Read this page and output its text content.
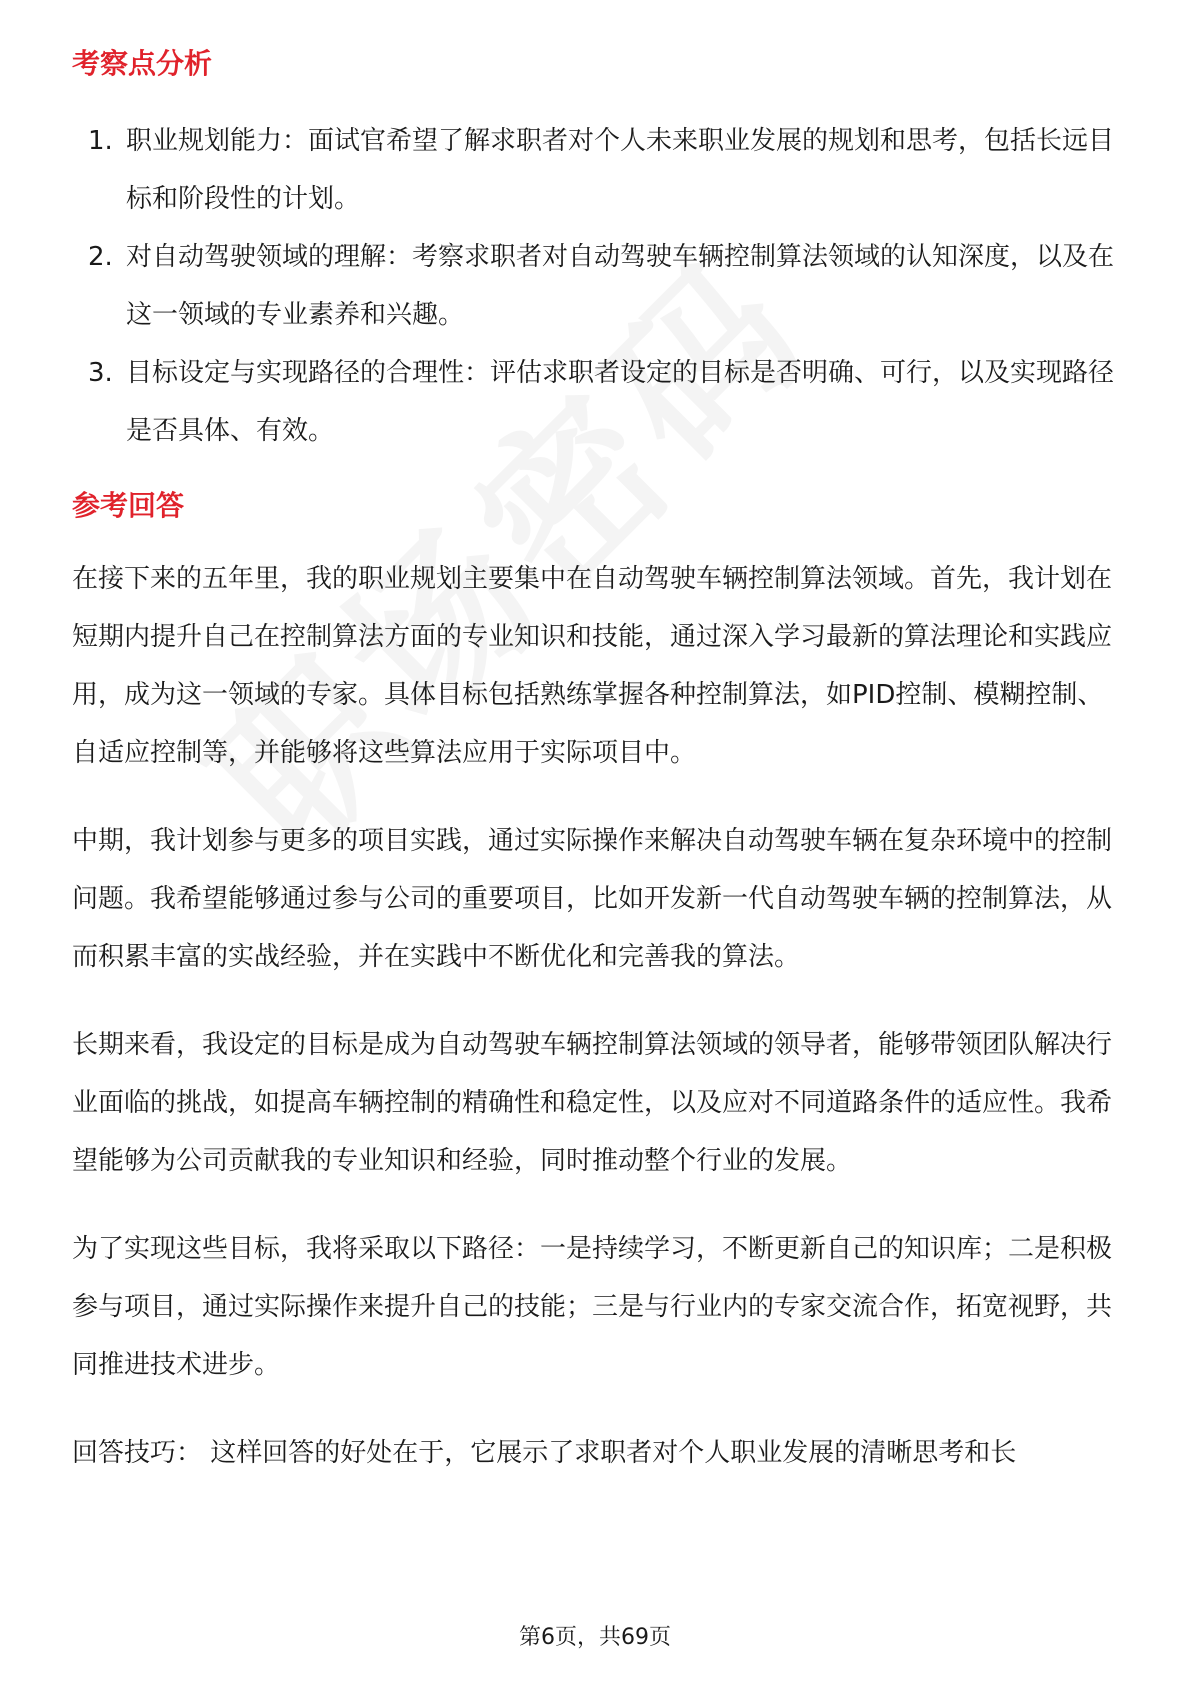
考察点分析
1. 职业规划能力：面试官希望了解求职者对个人未来职业发展的规划和思考，包括长远目标和阶段性的计划。
2. 对自动驾驶领域的理解：考察求职者对自动驾驶车辆控制算法领域的认知深度，以及在这一领域的专业素养和兴趣。
3. 目标设定与实现路径的合理性：评估求职者设定的目标是否明确、可行，以及实现路径是否具体、有效。
参考回答

在接下来的五年里，我的职业规划主要集中在自动驾驶车辆控制算法领域。首先，我计划在短期内提升自己在控制算法方面的专业知识和技能，通过深入学习最新的算法理论和实践应用，成为这一领域的专家。具体目标包括熟练掌握各种控制算法，如PID控制、模糊控制、自适应控制等，并能够将这些算法应用于实际项目中。

中期，我计划参与更多的项目实践，通过实际操作来解决自动驾驶车辆在复杂环境中的控制问题。我希望能够通过参与公司的重要项目，比如开发新一代自动驾驶车辆的控制算法，从而积累丰富的实战经验，并在实践中不断优化和完善我的算法。

长期来看，我设定的目标是成为自动驾驶车辆控制算法领域的领导者，能够带领团队解决行业面临的挑战，如提高车辆控制的精确性和稳定性，以及应对不同道路条件的适应性。我希望能够为公司贡献我的专业知识和经验，同时推动整个行业的发展。

为了实现这些目标，我将采取以下路径：一是持续学习，不断更新自己的知识库；二是积极参与项目，通过实际操作来提升自己的技能；三是与行业内的专家交流合作，拓宽视野，共同推进技术进步。

回答技巧： 这样回答的好处在于，它展示了求职者对个人职业发展的清晰思考和长

第6页，共69页
